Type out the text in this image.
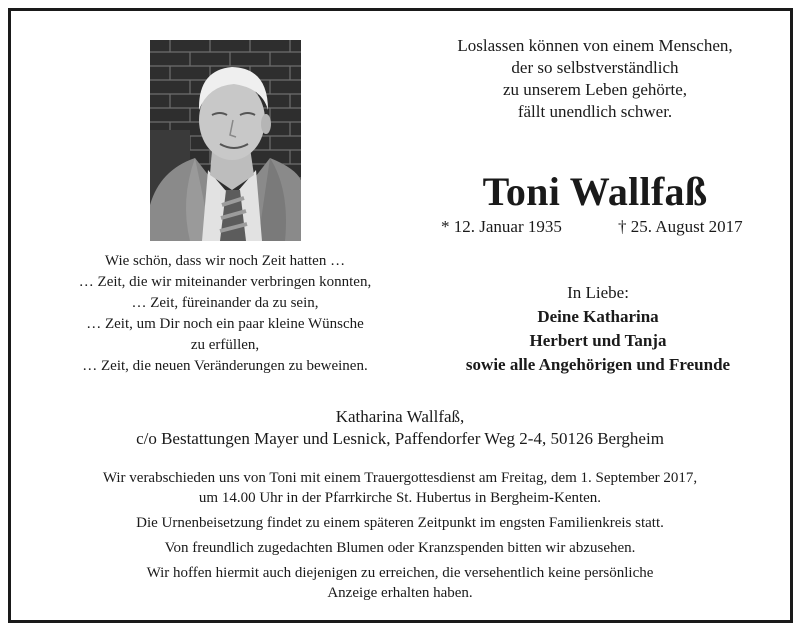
Loslassen können von einem Menschen,
der so selbstverständlich
zu unserem Leben gehörte,
fällt unendlich schwer.
Toni Wallfaß
* 12. Januar 1935	† 25. August 2017
Wie schön, dass wir noch Zeit hatten …
… Zeit, die wir miteinander verbringen konnten,
… Zeit, füreinander da zu sein,
… Zeit, um Dir noch ein paar kleine Wünsche
zu erfüllen,
… Zeit, die neuen Veränderungen zu beweinen.
In Liebe:
Deine Katharina
Herbert und Tanja
sowie alle Angehörigen und Freunde
Katharina Wallfaß,
c/o Bestattungen Mayer und Lesnick, Paffendorfer Weg 2-4, 50126 Bergheim

Wir verabschieden uns von Toni mit einem Trauergottesdienst am Freitag, dem 1. September 2017,
um 14.00 Uhr in der Pfarrkirche St. Hubertus in Bergheim-Kenten.

Die Urnenbeisetzung findet zu einem späteren Zeitpunkt im engsten Familienkreis statt.

Von freundlich zugedachten Blumen oder Kranzspenden bitten wir abzusehen.

Wir hoffen hiermit auch diejenigen zu erreichen, die versehentlich keine persönliche
Anzeige erhalten haben.
